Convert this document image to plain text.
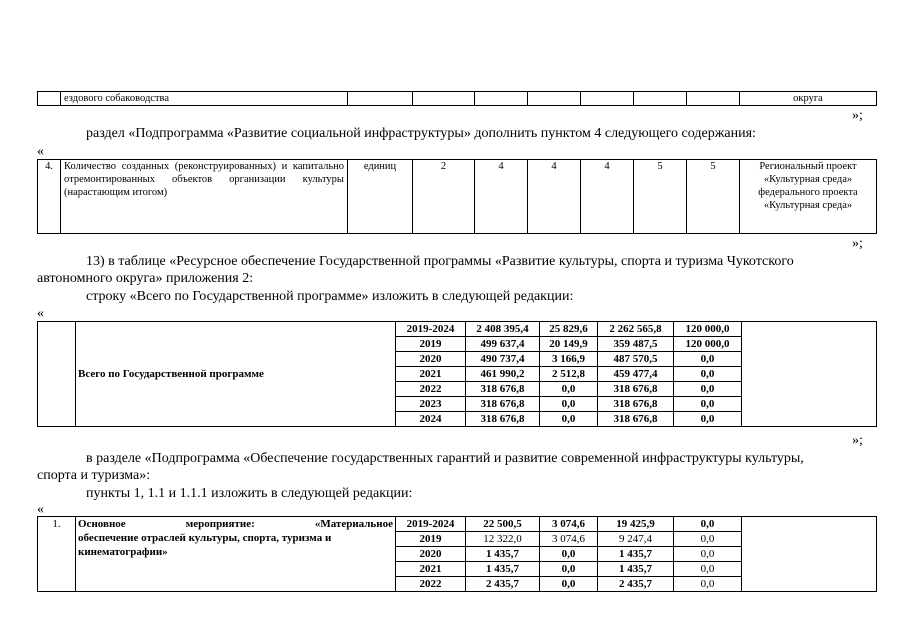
	ездового собаководства								округа
»;
раздел «Подпрограмма «Развитие социальной инфраструктуры» дополнить пунктом 4 следующего содержания:
«
4.	Количество созданных (реконструированных) и капитально отремонтированных объектов организации культуры (нарастающим итогом)	единиц	2	4	4	4	5	5	Региональный проект «Культурная среда» федерального проекта «Культурная среда»
»;
13) в таблице «Ресурсное обеспечение Государственной программы «Развитие культуры, спорта и туризма Чукотского
автономного округа» приложения 2:
строку «Всего по Государственной программе» изложить в следующей редакции:
«
	Всего по Государственной программе	2019-2024	2 408 395,4	25 829,6	2 262 565,8	120 000,0	
		2019	499 637,4	20 149,9	359 487,5	120 000,0	
		2020	490 737,4	3 166,9	487 570,5	0,0	
		2021	461 990,2	2 512,8	459 477,4	0,0	
		2022	318 676,8	0,0	318 676,8	0,0	
		2023	318 676,8	0,0	318 676,8	0,0	
		2024	318 676,8	0,0	318 676,8	0,0	
»;
в разделе «Подпрограмма «Обеспечение государственных гарантий и развитие современной инфраструктуры культуры,
спорта и туризма»:
пункты 1, 1.1 и 1.1.1 изложить в следующей редакции:
«
1.	Основное мероприятие: «Материальное
обеспечение отраслей культуры, спорта, туризма и кинематографии»	2019-2024	22 500,5	3 074,6	19 425,9	0,0	
		2019	12 322,0	3 074,6	9 247,4	0,0	
		2020	1 435,7	0,0	1 435,7	0,0	
		2021	1 435,7	0,0	1 435,7	0,0	
		2022	2 435,7	0,0	2 435,7	0,0	
